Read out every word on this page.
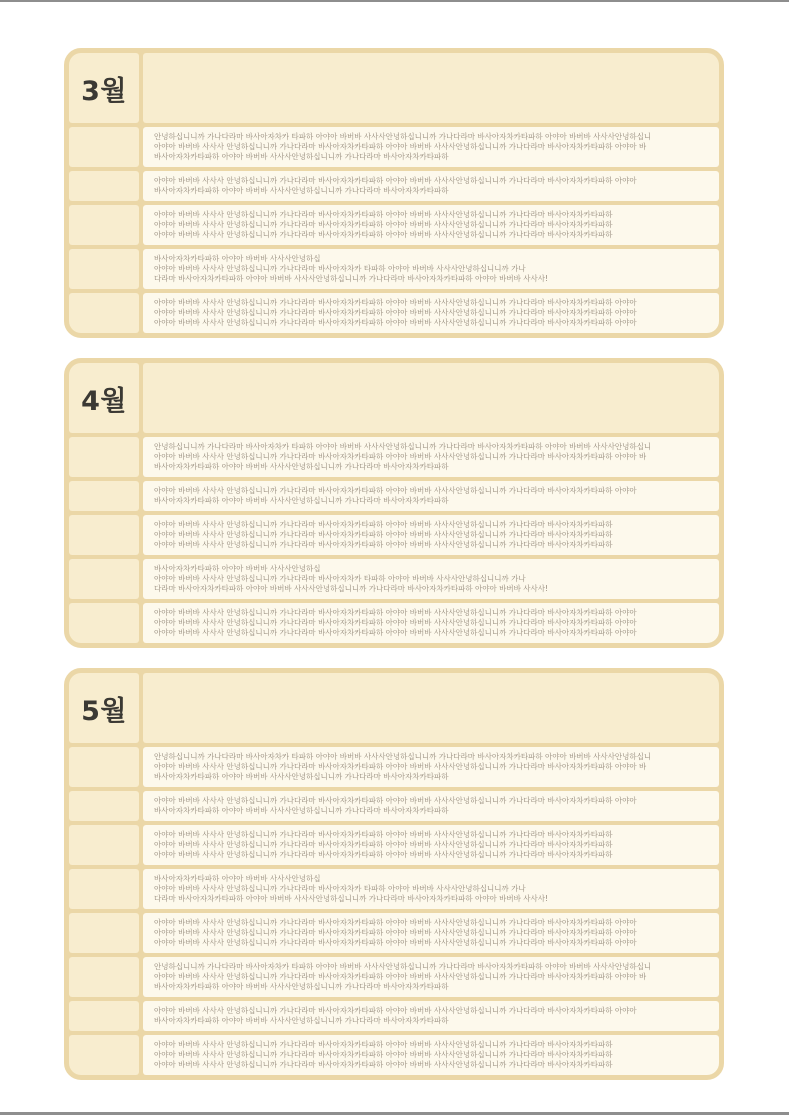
3월
안녕하십니니까 가나다라마 바사아자차카 타파하 아야아 바버바 사사사안녕하십니니까 가나다라마 바사아자차카타파하 아야아 바버바 사사사안녕하십니
아야아 바버바 사사사 안녕하십니니까 가나다라마 바사아자차카타파하 아야아 바버바 사사사안녕하십니니까 가나다라마 바사아자차카타파하 아야아 바
바사아자차카타파하 아야아 바버바 사사사안녕하십니니까 가나다라마 바사아자차카타파하
아야아 바버바 사사사 안녕하십니니까 가나다라마 바사아자차카타파하 아야아 바버바 사사사안녕하십니니까 가나다라마 바사아자차카타파하 아야아
바사아자차카타파하 아야아 바버바 사사사안녕하십니니까 가나다라마 바사아자차카타파하
아야아 바버바 사사사 안녕하십니니까 가나다라마 바사아자차카타파하 아야아 바버바 사사사안녕하십니니까 가나다라마 바사아자차카타파하
아야아 바버바 사사사 안녕하십니니까 가나다라마 바사아자차카타파하 아야아 바버바 사사사안녕하십니니까 가나다라마 바사아자차카타파하
아야아 바버바 사사사 안녕하십니니까 가나다라마 바사아자차카타파하 아야아 바버바 사사사안녕하십니니까 가나다라마 바사아자차카타파하
바사아자차카타파하 아야아 바버바 사사사안녕하십
아야아 바버바 사사사 안녕하십니니까 가나다라마 바사아자차카 타파하 아야아 바버바 사사사안녕하십니니까 가나
다라마 바사아자차카타파하 아야아 바버바 사사사안녕하십니니까 가나다라마 바사아자차카타파하 아야아 바버바 사사사!
아야아 바버바 사사사 안녕하십니니까 가나다라마 바사아자차카타파하 아야아 바버바 사사사안녕하십니니까 가나다라마 바사아자차카타파하 아야아
아야아 바버바 사사사 안녕하십니니까 가나다라마 바사아자차카타파하 아야아 바버바 사사사안녕하십니니까 가나다라마 바사아자차카타파하 아야아
아야아 바버바 사사사 안녕하십니니까 가나다라마 바사아자차카타파하 아야아 바버바 사사사안녕하십니니까 가나다라마 바사아자차카타파하 아야아
4월
안녕하십니니까 가나다라마 바사아자차카 타파하 아야아 바버바 사사사안녕하십니니까 가나다라마 바사아자차카타파하 아야아 바버바 사사사안녕하십니
아야아 바버바 사사사 안녕하십니니까 가나다라마 바사아자차카타파하 아야아 바버바 사사사안녕하십니니까 가나다라마 바사아자차카타파하 아야아 바
바사아자차카타파하 아야아 바버바 사사사안녕하십니니까 가나다라마 바사아자차카타파하
아야아 바버바 사사사 안녕하십니니까 가나다라마 바사아자차카타파하 아야아 바버바 사사사안녕하십니니까 가나다라마 바사아자차카타파하 아야아
바사아자차카타파하 아야아 바버바 사사사안녕하십니니까 가나다라마 바사아자차카타파하
아야아 바버바 사사사 안녕하십니니까 가나다라마 바사아자차카타파하 아야아 바버바 사사사안녕하십니니까 가나다라마 바사아자차카타파하
아야아 바버바 사사사 안녕하십니니까 가나다라마 바사아자차카타파하 아야아 바버바 사사사안녕하십니니까 가나다라마 바사아자차카타파하
아야아 바버바 사사사 안녕하십니니까 가나다라마 바사아자차카타파하 아야아 바버바 사사사안녕하십니니까 가나다라마 바사아자차카타파하
바사아자차카타파하 아야아 바버바 사사사안녕하십
아야아 바버바 사사사 안녕하십니니까 가나다라마 바사아자차카 타파하 아야아 바버바 사사사안녕하십니니까 가나
다라마 바사아자차카타파하 아야아 바버바 사사사안녕하십니니까 가나다라마 바사아자차카타파하 아야아 바버바 사사사!
아야아 바버바 사사사 안녕하십니니까 가나다라마 바사아자차카타파하 아야아 바버바 사사사안녕하십니니까 가나다라마 바사아자차카타파하 아야아
아야아 바버바 사사사 안녕하십니니까 가나다라마 바사아자차카타파하 아야아 바버바 사사사안녕하십니니까 가나다라마 바사아자차카타파하 아야아
아야아 바버바 사사사 안녕하십니니까 가나다라마 바사아자차카타파하 아야아 바버바 사사사안녕하십니니까 가나다라마 바사아자차카타파하 아야아
5월
안녕하십니니까 가나다라마 바사아자차카 타파하 아야아 바버바 사사사안녕하십니니까 가나다라마 바사아자차카타파하 아야아 바버바 사사사안녕하십니
아야아 바버바 사사사 안녕하십니니까 가나다라마 바사아자차카타파하 아야아 바버바 사사사안녕하십니니까 가나다라마 바사아자차카타파하 아야아 바
바사아자차카타파하 아야아 바버바 사사사안녕하십니니까 가나다라마 바사아자차카타파하
아야아 바버바 사사사 안녕하십니니까 가나다라마 바사아자차카타파하 아야아 바버바 사사사안녕하십니니까 가나다라마 바사아자차카타파하 아야아
바사아자차카타파하 아야아 바버바 사사사안녕하십니니까 가나다라마 바사아자차카타파하
아야아 바버바 사사사 안녕하십니니까 가나다라마 바사아자차카타파하 아야아 바버바 사사사안녕하십니니까 가나다라마 바사아자차카타파하
아야아 바버바 사사사 안녕하십니니까 가나다라마 바사아자차카타파하 아야아 바버바 사사사안녕하십니니까 가나다라마 바사아자차카타파하
아야아 바버바 사사사 안녕하십니니까 가나다라마 바사아자차카타파하 아야아 바버바 사사사안녕하십니니까 가나다라마 바사아자차카타파하
바사아자차카타파하 아야아 바버바 사사사안녕하십
아야아 바버바 사사사 안녕하십니니까 가나다라마 바사아자차카 타파하 아야아 바버바 사사사안녕하십니니까 가나
다라마 바사아자차카타파하 아야아 바버바 사사사안녕하십니니까 가나다라마 바사아자차카타파하 아야아 바버바 사사사!
아야아 바버바 사사사 안녕하십니니까 가나다라마 바사아자차카타파하 아야아 바버바 사사사안녕하십니니까 가나다라마 바사아자차카타파하 아야아
아야아 바버바 사사사 안녕하십니니까 가나다라마 바사아자차카타파하 아야아 바버바 사사사안녕하십니니까 가나다라마 바사아자차카타파하 아야아
아야아 바버바 사사사 안녕하십니니까 가나다라마 바사아자차카타파하 아야아 바버바 사사사안녕하십니니까 가나다라마 바사아자차카타파하 아야아
안녕하십니니까 가나다라마 바사아자차카 타파하 아야아 바버바 사사사안녕하십니니까 가나다라마 바사아자차카타파하 아야아 바버바 사사사안녕하십니
아야아 바버바 사사사 안녕하십니니까 가나다라마 바사아자차카타파하 아야아 바버바 사사사안녕하십니니까 가나다라마 바사아자차카타파하 아야아 바
바사아자차카타파하 아야아 바버바 사사사안녕하십니니까 가나다라마 바사아자차카타파하
아야아 바버바 사사사 안녕하십니니까 가나다라마 바사아자차카타파하 아야아 바버바 사사사안녕하십니니까 가나다라마 바사아자차카타파하 아야아
바사아자차카타파하 아야아 바버바 사사사안녕하십니니까 가나다라마 바사아자차카타파하
아야아 바버바 사사사 안녕하십니니까 가나다라마 바사아자차카타파하 아야아 바버바 사사사안녕하십니니까 가나다라마 바사아자차카타파하
아야아 바버바 사사사 안녕하십니니까 가나다라마 바사아자차카타파하 아야아 바버바 사사사안녕하십니니까 가나다라마 바사아자차카타파하
아야아 바버바 사사사 안녕하십니니까 가나다라마 바사아자차카타파하 아야아 바버바 사사사안녕하십니니까 가나다라마 바사아자차카타파하
